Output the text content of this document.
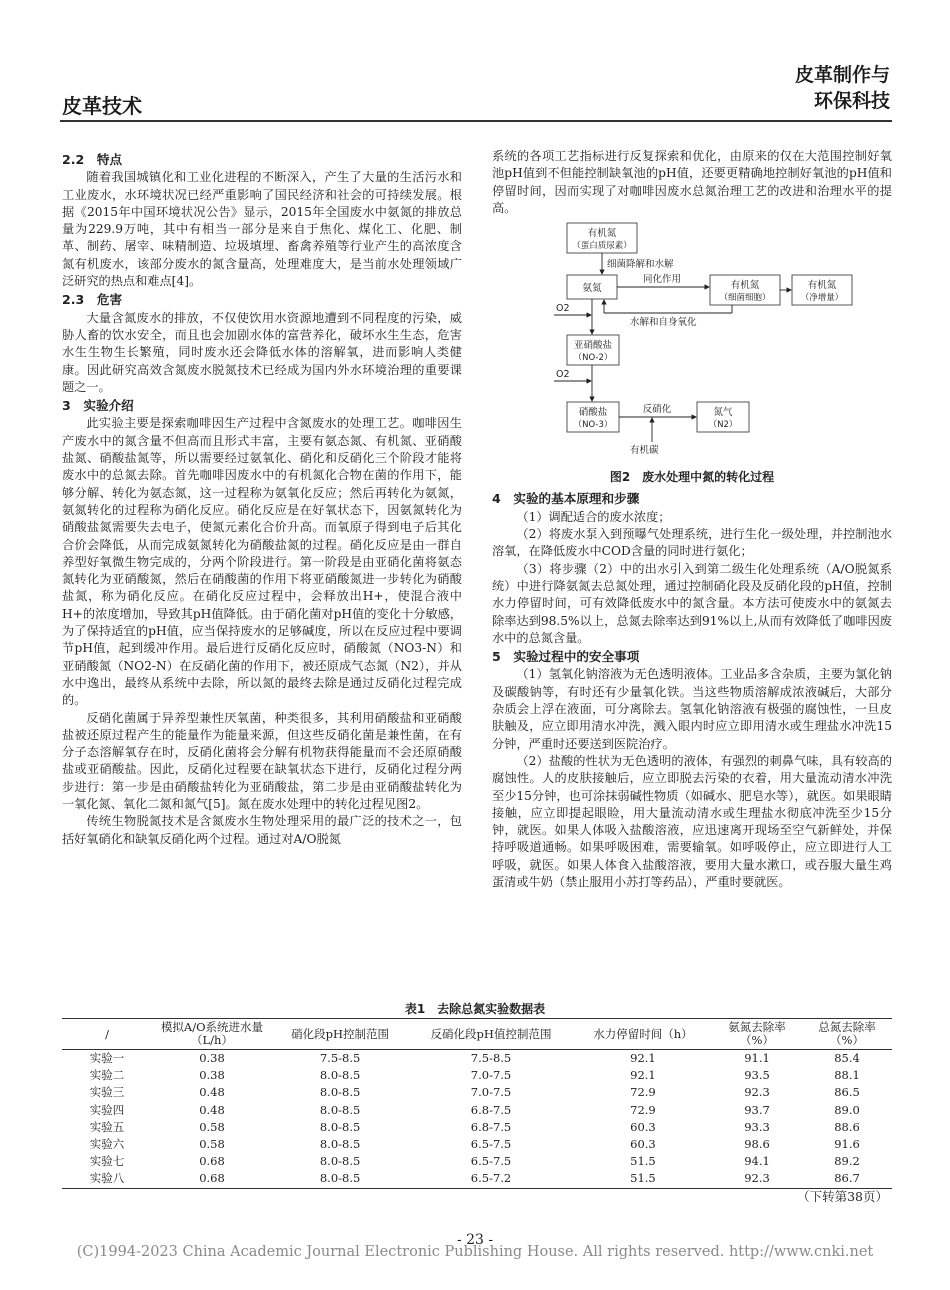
皮革技术
皮革制作与
环保科技
2.2　特点
随着我国城镇化和工业化进程的不断深入，产生了大量的生活污水和工业废水，水环境状况已经严重影响了国民经济和社会的可持续发展。根据《2015年中国环境状况公告》显示，2015年全国废水中氨氮的排放总量为229.9万吨，其中有相当一部分是来自于焦化、煤化工、化肥、制革、制药、屠宰、味精制造、垃圾填埋、畜禽养殖等行业产生的高浓度含氮有机废水，该部分废水的氮含量高，处理难度大，是当前水处理领域广泛研究的热点和难点[4]。
2.3　危害
大量含氮废水的排放，不仅使饮用水资源地遭到不同程度的污染，威胁人畜的饮水安全，而且也会加剧水体的富营养化，破坏水生生态，危害水生生物生长繁殖，同时废水还会降低水体的溶解氧，进而影响人类健康。因此研究高效含氮废水脱氮技术已经成为国内外水环境治理的重要课题之一。
3　实验介绍
此实验主要是探索咖啡因生产过程中含氮废水的处理工艺。咖啡因生产废水中的氮含量不但高而且形式丰富，主要有氨态氮、有机氮、亚硝酸盐氮、硝酸盐氮等，所以需要经过氨氧化、硝化和反硝化三个阶段才能将废水中的总氮去除。首先咖啡因废水中的有机氮化合物在菌的作用下，能够分解、转化为氨态氮，这一过程称为氨氧化反应；然后再转化为氨氮，氨氮转化的过程称为硝化反应。硝化反应是在好氧状态下，因氨氮转化为硝酸盐氮需要失去电子，使氮元素化合价升高。而氧原子得到电子后其化合价会降低，从而完成氨氮转化为硝酸盐氮的过程。硝化反应是由一群自养型好氧微生物完成的，分两个阶段进行。第一阶段是由亚硝化菌将氨态氮转化为亚硝酸氮，然后在硝酸菌的作用下将亚硝酸氮进一步转化为硝酸盐氮，称为硝化反应。在硝化反应过程中，会释放出H+，使混合液中H+的浓度增加，导致其pH值降低。由于硝化菌对pH值的变化十分敏感，为了保持适宜的pH值，应当保持废水的足够碱度，所以在反应过程中要调节pH值，起到缓冲作用。最后进行反硝化反应时，硝酸氮（NO3-N）和亚硝酸氮（NO2-N）在反硝化菌的作用下，被还原成气态氮（N2），并从水中逸出，最终从系统中去除，所以氮的最终去除是通过反硝化过程完成的。
反硝化菌属于异养型兼性厌氧菌，种类很多，其利用硝酸盐和亚硝酸盐被还原过程产生的能量作为能量来源，但这些反硝化菌是兼性菌，在有分子态溶解氧存在时，反硝化菌将会分解有机物获得能量而不会还原硝酸盐或亚硝酸盐。因此，反硝化过程要在缺氧状态下进行，反硝化过程分两步进行：第一步是由硝酸盐转化为亚硝酸盐，第二步是由亚硝酸盐转化为一氧化氮、氧化二氮和氮气[5]。氮在废水处理中的转化过程见图2。
传统生物脱氮技术是含氮废水生物处理采用的最广泛的技术之一，包括好氧硝化和缺氧反硝化两个过程。通过对A/O脱氮
系统的各项工艺指标进行反复探索和优化，由原来的仅在大范围控制好氧池pH值到不但能控制缺氧池的pH值，还要更精确地控制好氧池的pH值和停留时间，因而实现了对咖啡因废水总氮治理工艺的改进和治理水平的提高。
有机氮
（蛋白质尿素）
细菌降解和水解
氨氮
同化作用
有机氮
（细菌细胞）
有机氮
（净增量）
水解和自身氧化
O2
亚硝酸盐
（NO-2）
O2
硝酸盐
（NO-3）
反硝化
有机碳
氮气
（N2）
图2　废水处理中氮的转化过程
4　实验的基本原理和步骤
（1）调配适合的废水浓度；
（2）将废水泵入到预曝气处理系统，进行生化一级处理，并控制池水溶氧，在降低废水中COD含量的同时进行氨化；
（3）将步骤（2）中的出水引入到第二级生化处理系统（A/O脱氮系统）中进行降氨氮去总氮处理，通过控制硝化段及反硝化段的pH值，控制水力停留时间，可有效降低废水中的氮含量。本方法可使废水中的氨氮去除率达到98.5%以上，总氮去除率达到91%以上,从而有效降低了咖啡因废水中的总氮含量。
5　实验过程中的安全事项
（1）氢氧化钠溶液为无色透明液体。工业品多含杂质，主要为氯化钠及碳酸钠等，有时还有少量氧化铁。当这些物质溶解成浓液碱后，大部分杂质会上浮在液面，可分离除去。氢氧化钠溶液有极强的腐蚀性，一旦皮肤触及，应立即用清水冲洗，溅入眼内时应立即用清水或生理盐水冲洗15分钟，严重时还要送到医院治疗。
（2）盐酸的性状为无色透明的液体，有强烈的刺鼻气味，具有较高的腐蚀性。人的皮肤接触后，应立即脱去污染的衣着，用大量流动清水冲洗至少15分钟，也可涂抹弱碱性物质（如碱水、肥皂水等），就医。如果眼睛接触，应立即提起眼睑，用大量流动清水或生理盐水彻底冲洗至少15分钟，就医。如果人体吸入盐酸溶液，应迅速离开现场至空气新鲜处，并保持呼吸道通畅。如果呼吸困难，需要输氧。如呼吸停止，应立即进行人工呼吸，就医。如果人体食入盐酸溶液，要用大量水漱口，或吞服大量生鸡蛋清或牛奶（禁止服用小苏打等药品），严重时要就医。
表1　去除总氮实验数据表
/	模拟A/O系统进水量（L/h）	硝化段pH控制范围	反硝化段pH值控制范围	水力停留时间（h）	氨氮去除率（%）	总氮去除率（%）
实验一	0.38	7.5-8.5	7.5-8.5	92.1	91.1	85.4
实验二	0.38	8.0-8.5	7.0-7.5	92.1	93.5	88.1
实验三	0.48	8.0-8.5	7.0-7.5	72.9	92.3	86.5
实验四	0.48	8.0-8.5	6.8-7.5	72.9	93.7	89.0
实验五	0.58	8.0-8.5	6.8-7.5	60.3	93.3	88.6
实验六	0.58	8.0-8.5	6.5-7.5	60.3	98.6	91.6
实验七	0.68	8.0-8.5	6.5-7.5	51.5	94.1	89.2
实验八	0.68	8.0-8.5	6.5-7.2	51.5	92.3	86.7
（下转第38页）
- 23 -
(C)1994-2023 China Academic Journal Electronic Publishing House. All rights reserved. http://www.cnki.net
